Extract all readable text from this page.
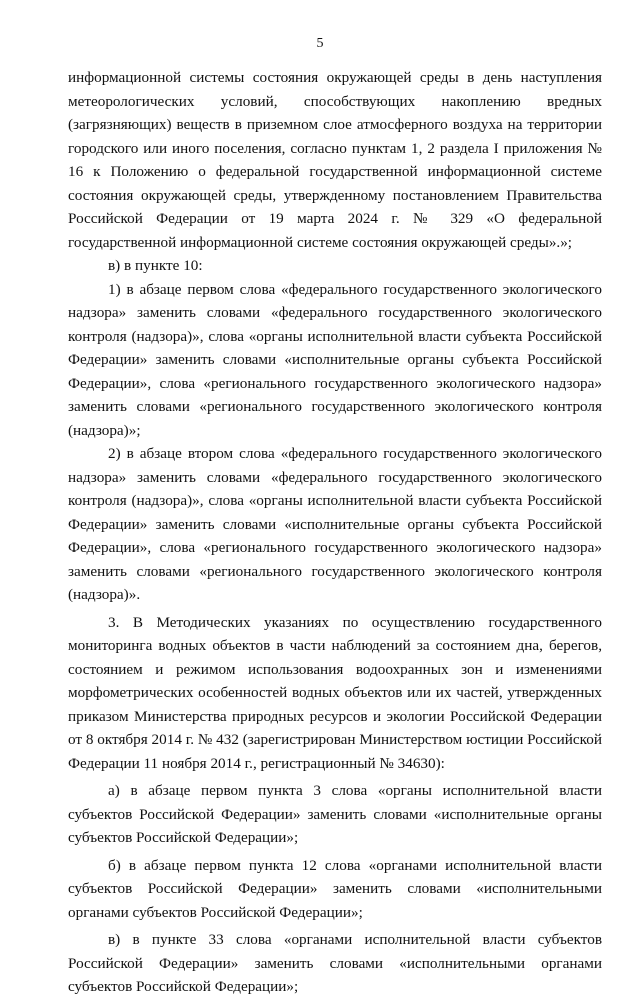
5

информационной системы состояния окружающей среды в день наступления метеорологических условий, способствующих накоплению вредных (загрязняющих) веществ в приземном слое атмосферного воздуха на территории городского или иного поселения, согласно пунктам 1, 2 раздела I приложения № 16 к Положению о федеральной государственной информационной системе состояния окружающей среды, утвержденному постановлением Правительства Российской Федерации от 19 марта 2024 г. № 329 «О федеральной государственной информационной системе состояния окружающей среды».»;

в) в пункте 10:

1) в абзаце первом слова «федерального государственного экологического надзора» заменить словами «федерального государственного экологического контроля (надзора)», слова «органы исполнительной власти субъекта Российской Федерации» заменить словами «исполнительные органы субъекта Российской Федерации», слова «регионального государственного экологического надзора» заменить словами «регионального государственного экологического контроля (надзора)»;

2) в абзаце втором слова «федерального государственного экологического надзора» заменить словами «федерального государственного экологического контроля (надзора)», слова «органы исполнительной власти субъекта Российской Федерации» заменить словами «исполнительные органы субъекта Российской Федерации», слова «регионального государственного экологического надзора» заменить словами «регионального государственного экологического контроля (надзора)».

3. В Методических указаниях по осуществлению государственного мониторинга водных объектов в части наблюдений за состоянием дна, берегов, состоянием и режимом использования водоохранных зон и изменениями морфометрических особенностей водных объектов или их частей, утвержденных приказом Министерства природных ресурсов и экологии Российской Федерации от 8 октября 2014 г. № 432 (зарегистрирован Министерством юстиции Российской Федерации 11 ноября 2014 г., регистрационный № 34630):

а) в абзаце первом пункта 3 слова «органы исполнительной власти субъектов Российской Федерации» заменить словами «исполнительные органы субъектов Российской Федерации»;

б) в абзаце первом пункта 12 слова «органами исполнительной власти субъектов Российской Федерации» заменить словами «исполнительными органами субъектов Российской Федерации»;

в) в пункте 33 слова «органами исполнительной власти субъектов Российской Федерации» заменить словами «исполнительными органами субъектов Российской Федерации»;
